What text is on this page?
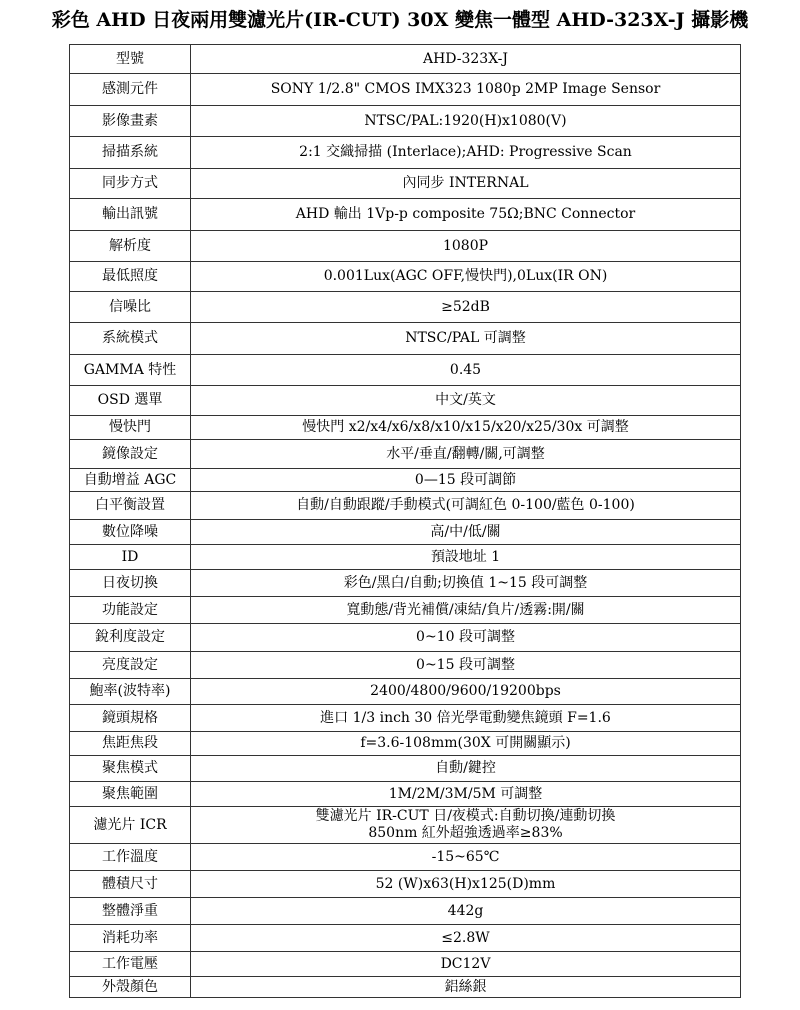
彩色 AHD 日夜兩用雙濾光片(IR-CUT) 30X 變焦一體型 AHD-323X-J 攝影機
型號	AHD-323X-J
感測元件	SONY 1/2.8" CMOS IMX323 1080p 2MP Image Sensor
影像畫素	NTSC/PAL:1920(H)x1080(V)
掃描系統	2:1 交織掃描 (Interlace);AHD: Progressive Scan
同步方式	內同步 INTERNAL
輸出訊號	AHD 輸出 1Vp-p composite 75Ω;BNC Connector
解析度	1080P
最低照度	0.001Lux(AGC OFF,慢快門),0Lux(IR ON)
信噪比	≥52dB
系統模式	NTSC/PAL 可調整
GAMMA 特性	0.45
OSD 選單	中文/英文
慢快門	慢快門 x2/x4/x6/x8/x10/x15/x20/x25/30x 可調整
鏡像設定	水平/垂直/翻轉/關,可調整
自動增益 AGC	0—15 段可調節
白平衡設置	自動/自動跟蹤/手動模式(可調紅色 0-100/藍色 0-100)
數位降噪	高/中/低/關
ID	預設地址 1
日夜切換	彩色/黑白/自動;切換值 1~15 段可調整
功能設定	寬動態/背光補償/凍結/負片/透霧:開/關
銳利度設定	0~10 段可調整
亮度設定	0~15 段可調整
鮑率(波特率)	2400/4800/9600/19200bps
鏡頭規格	進口 1/3 inch 30 倍光學電動變焦鏡頭 F=1.6
焦距焦段	f=3.6-108mm(30X 可開關顯示)
聚焦模式	自動/鍵控
聚焦範圍	1M/2M/3M/5M 可調整
濾光片 ICR	雙濾光片 IR-CUT 日/夜模式:自動切換/連動切換
850nm 紅外超強透過率≥83%

工作溫度	-15~65℃
體積尺寸	52 (W)x63(H)x125(D)mm
整體淨重	442g
消耗功率	≤2.8W
工作電壓	DC12V
外殼顏色	鋁絲銀
